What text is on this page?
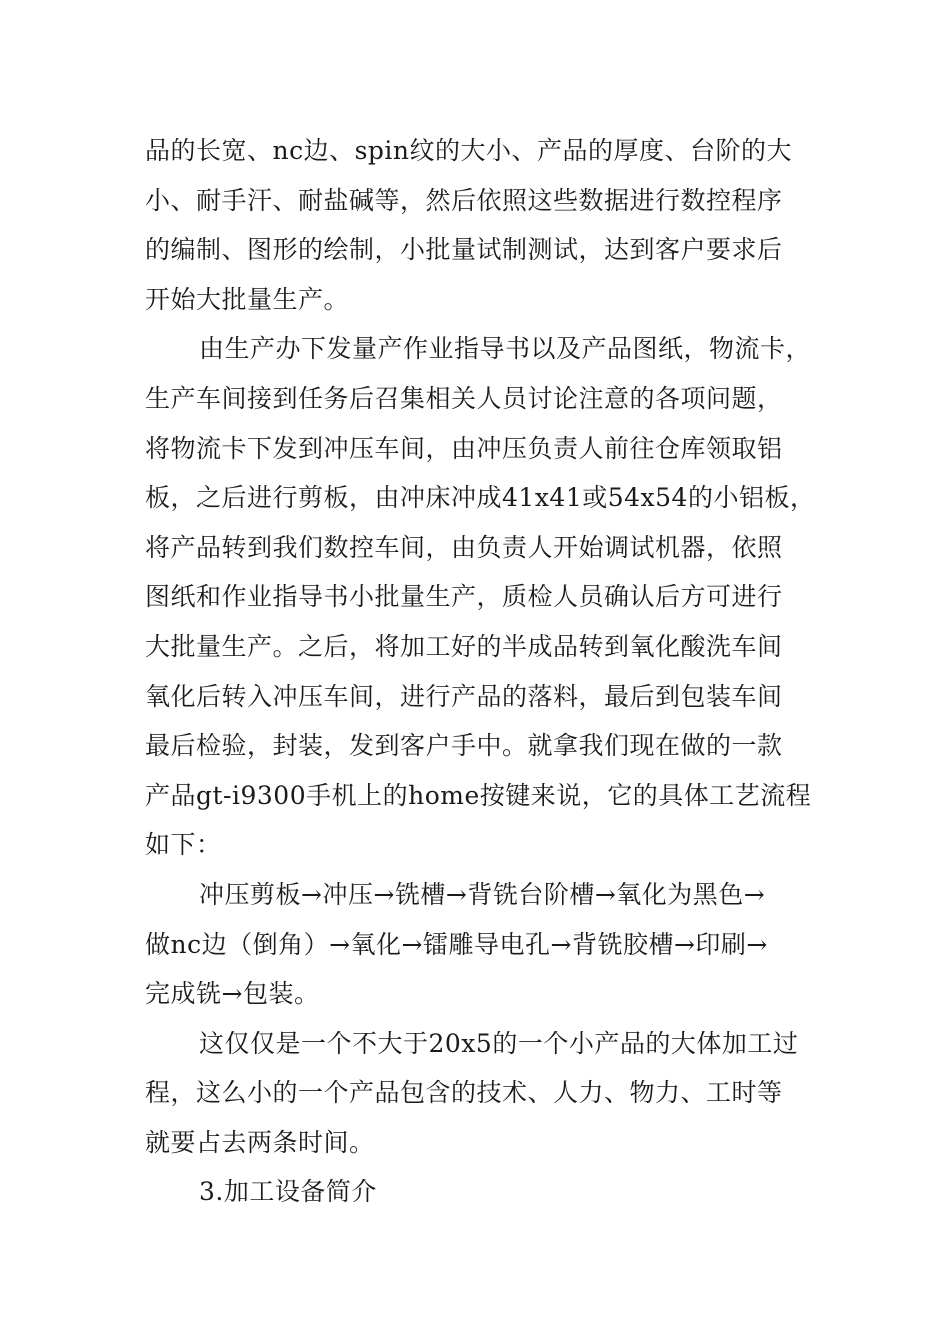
品的长宽、nc边、spin纹的大小、产品的厚度、台阶的大
小、耐手汗、耐盐碱等，然后依照这些数据进行数控程序
的编制、图形的绘制，小批量试制测试，达到客户要求后
开始大批量生产。
由生产办下发量产作业指导书以及产品图纸，物流卡，
生产车间接到任务后召集相关人员讨论注意的各项问题，
将物流卡下发到冲压车间，由冲压负责人前往仓库领取铝
板，之后进行剪板，由冲床冲成41x41或54x54的小铝板，
将产品转到我们数控车间，由负责人开始调试机器，依照
图纸和作业指导书小批量生产，质检人员确认后方可进行
大批量生产。之后，将加工好的半成品转到氧化酸洗车间
氧化后转入冲压车间，进行产品的落料，最后到包装车间
最后检验，封装，发到客户手中。就拿我们现在做的一款
产品gt-i9300手机上的home按键来说，它的具体工艺流程
如下：
冲压剪板→冲压→铣槽→背铣台阶槽→氧化为黑色→
做nc边（倒角）→氧化→镭雕导电孔→背铣胶槽→印刷→
完成铣→包装。
这仅仅是一个不大于20x5的一个小产品的大体加工过
程，这么小的一个产品包含的技术、人力、物力、工时等
就要占去两条时间。
3.加工设备简介
